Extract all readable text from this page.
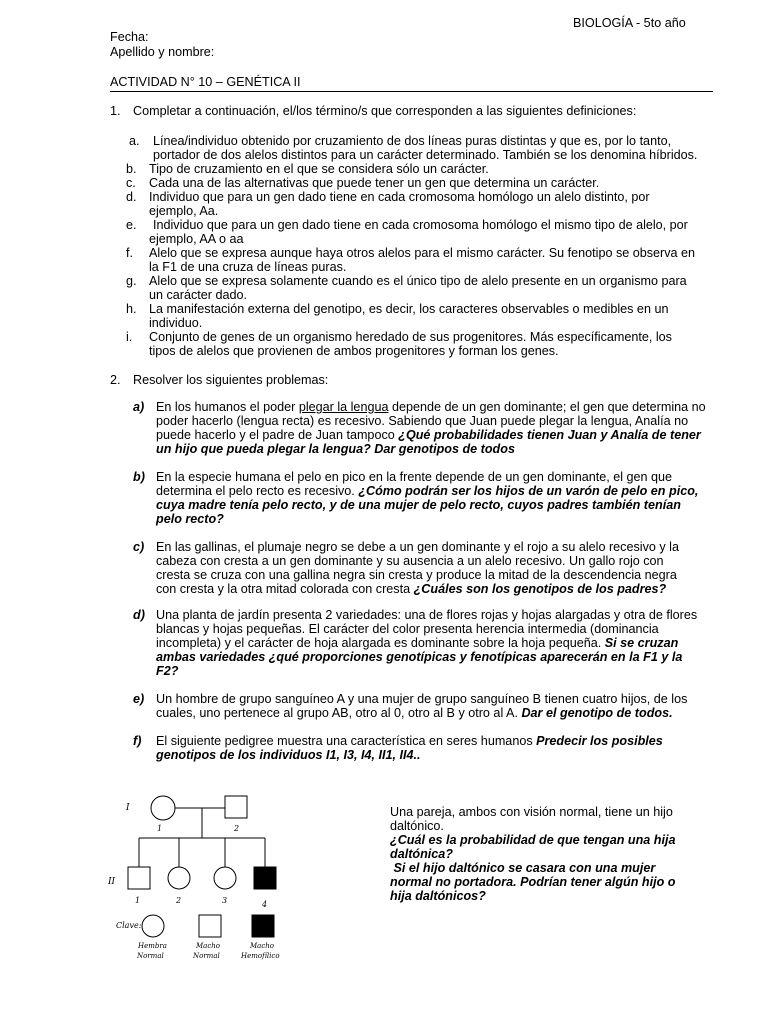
BIOLOGÍA - 5to año
Fecha:
Apellido y nombre:
ACTIVIDAD N° 10 – GENÉTICA II
1. Completar a continuación, el/los término/s que corresponden a las siguientes definiciones:
a. Línea/individuo obtenido por cruzamiento de dos líneas puras distintas y que es, por lo tanto,
portador de dos alelos distintos para un carácter determinado. También se los denomina híbridos.
b. Tipo de cruzamiento en el que se considera sólo un carácter.
c. Cada una de las alternativas que puede tener un gen que determina un carácter.
d. Individuo que para un gen dado tiene en cada cromosoma homólogo un alelo distinto, por
ejemplo, Aa.
e. Individuo que para un gen dado tiene en cada cromosoma homólogo el mismo tipo de alelo, por
ejemplo, AA o aa
f. Alelo que se expresa aunque haya otros alelos para el mismo carácter. Su fenotipo se observa en
la F1 de una cruza de líneas puras.
g. Alelo que se expresa solamente cuando es el único tipo de alelo presente en un organismo para
un carácter dado.
h. La manifestación externa del genotipo, es decir, los caracteres observables o medibles en un
individuo.
i. Conjunto de genes de un organismo heredado de sus progenitores. Más específicamente, los
tipos de alelos que provienen de ambos progenitores y forman los genes.
2. Resolver los siguientes problemas:
a) En los humanos el poder plegar la lengua depende de un gen dominante; el gen que determina no
poder hacerlo (lengua recta) es recesivo. Sabiendo que Juan puede plegar la lengua, Analía no
puede hacerlo y el padre de Juan tampoco ¿Qué probabilidades tienen Juan y Analía de tener
un hijo que pueda plegar la lengua? Dar genotipos de todos
b) En la especie humana el pelo en pico en la frente depende de un gen dominante, el gen que
determina el pelo recto es recesivo. ¿Cómo podrán ser los hijos de un varón de pelo en pico,
cuya madre tenía pelo recto, y de una mujer de pelo recto, cuyos padres también tenían
pelo recto?
c) En las gallinas, el plumaje negro se debe a un gen dominante y el rojo a su alelo recesivo y la
cabeza con cresta a un gen dominante y su ausencia a un alelo recesivo. Un gallo rojo con
cresta se cruza con una gallina negra sin cresta y produce la mitad de la descendencia negra
con cresta y la otra mitad colorada con cresta ¿Cuáles son los genotipos de los padres?
d) Una planta de jardín presenta 2 variedades: una de flores rojas y hojas alargadas y otra de flores
blancas y hojas pequeñas. El carácter del color presenta herencia intermedia (dominancia
incompleta) y el carácter de hoja alargada es dominante sobre la hoja pequeña. Si se cruzan
ambas variedades ¿qué proporciones genotípicas y fenotípicas aparecerán en la F1 y la
F2?
e) Un hombre de grupo sanguíneo A y una mujer de grupo sanguíneo B tienen cuatro hijos, de los
cuales, uno pertenece al grupo AB, otro al 0, otro al B y otro al A. Dar el genotipo de todos.
f) El siguiente pedigree muestra una característica en seres humanos Predecir los posibles
genotipos de los individuos I1, I3, I4, II1, II4..
I
II
1	2
1	2	3	4
Clave:
Hembra
Normal
Macho
Normal
Macho
Hemofílico
Una pareja, ambos con visión normal, tiene un hijo
daltónico.
¿Cuál es la probabilidad de que tengan una hija
daltónica?
Si el hijo daltónico se casara con una mujer
normal no portadora. Podrían tener algún hijo o
hija daltónicos?
